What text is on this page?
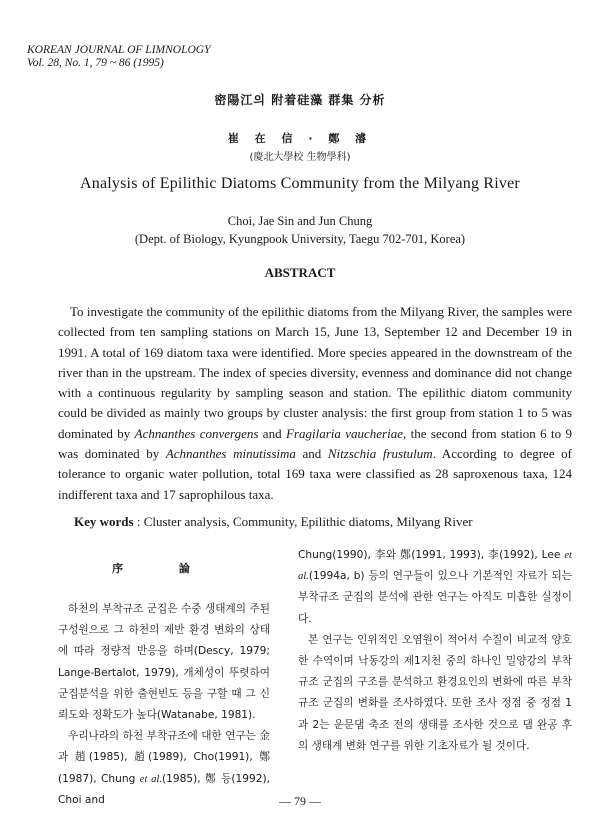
KOREAN JOURNAL OF LIMNOLOGY
Vol. 28, No. 1, 79 ~ 86 (1995)
密陽江의 附着硅藻 群集 分析
崔 在 信 · 鄭 濬
(慶北大學校 生物學科)
Analysis of Epilithic Diatoms Community from the Milyang River
Choi, Jae Sin and Jun Chung
(Dept. of Biology, Kyungpook University, Taegu 702-701, Korea)
ABSTRACT

To investigate the community of the epilithic diatoms from the Milyang River, the samples were collected from ten sampling stations on March 15, June 13, September 12 and December 19 in 1991. A total of 169 diatom taxa were identified. More species appeared in the downstream of the river than in the upstream. The index of species diversity, evenness and dominance did not change with a continuous regularity by sampling season and station. The epilithic diatom community could be divided as mainly two groups by cluster analysis: the first group from station 1 to 5 was dominated by Achnanthes convergens and Fragilaria vaucheriae, the second from station 6 to 9 was dominated by Achnanthes minutissima and Nitzschia frustulum. According to degree of tolerance to organic water pollution, total 169 taxa were classified as 28 saproxenous taxa, 124 indifferent taxa and 17 saprophilous taxa.

Key words : Cluster analysis, Community, Epilithic diatoms, Milyang River
序 論

하천의 부착규조 군집은 수중 생태계의 주된 구성원으로 그 하천의 제반 환경 변화의 상태에 따라 정량적 반응을 하며(Descy, 1979; Lange-Bertalot, 1979), 개체성이 뚜렷하여 군집분석을 위한 출현빈도 등을 구할 때 그 신뢰도와 정확도가 높다(Watanabe, 1981).

우리나라의 하천 부착규조에 대한 연구는 金과 趙(1985), 趙(1989), Cho(1991), 鄭(1987), Chung et al.(1985), 鄭 등(1992), Choi and

Chung(1990), 李와 鄭(1991, 1993), 李(1992), Lee et al.(1994a, b) 등의 연구들이 있으나 기본적인 자료가 되는 부착규조 군집의 분석에 관한 연구는 아직도 미흡한 실정이다.

본 연구는 인위적인 오염원이 적어서 수질이 비교적 양호한 수역이며 낙동강의 제1지천 중의 하나인 밀양강의 부착규조 군집의 구조를 분석하고 환경요인의 변화에 따른 부착규조 군집의 변화를 조사하였다. 또한 조사 정점 중 정점 1과 2는 운문댐 축조 전의 생태를 조사한 것으로 댐 완공 후의 생태계 변화 연구를 위한 기초자료가 될 것이다.

— 79 —
